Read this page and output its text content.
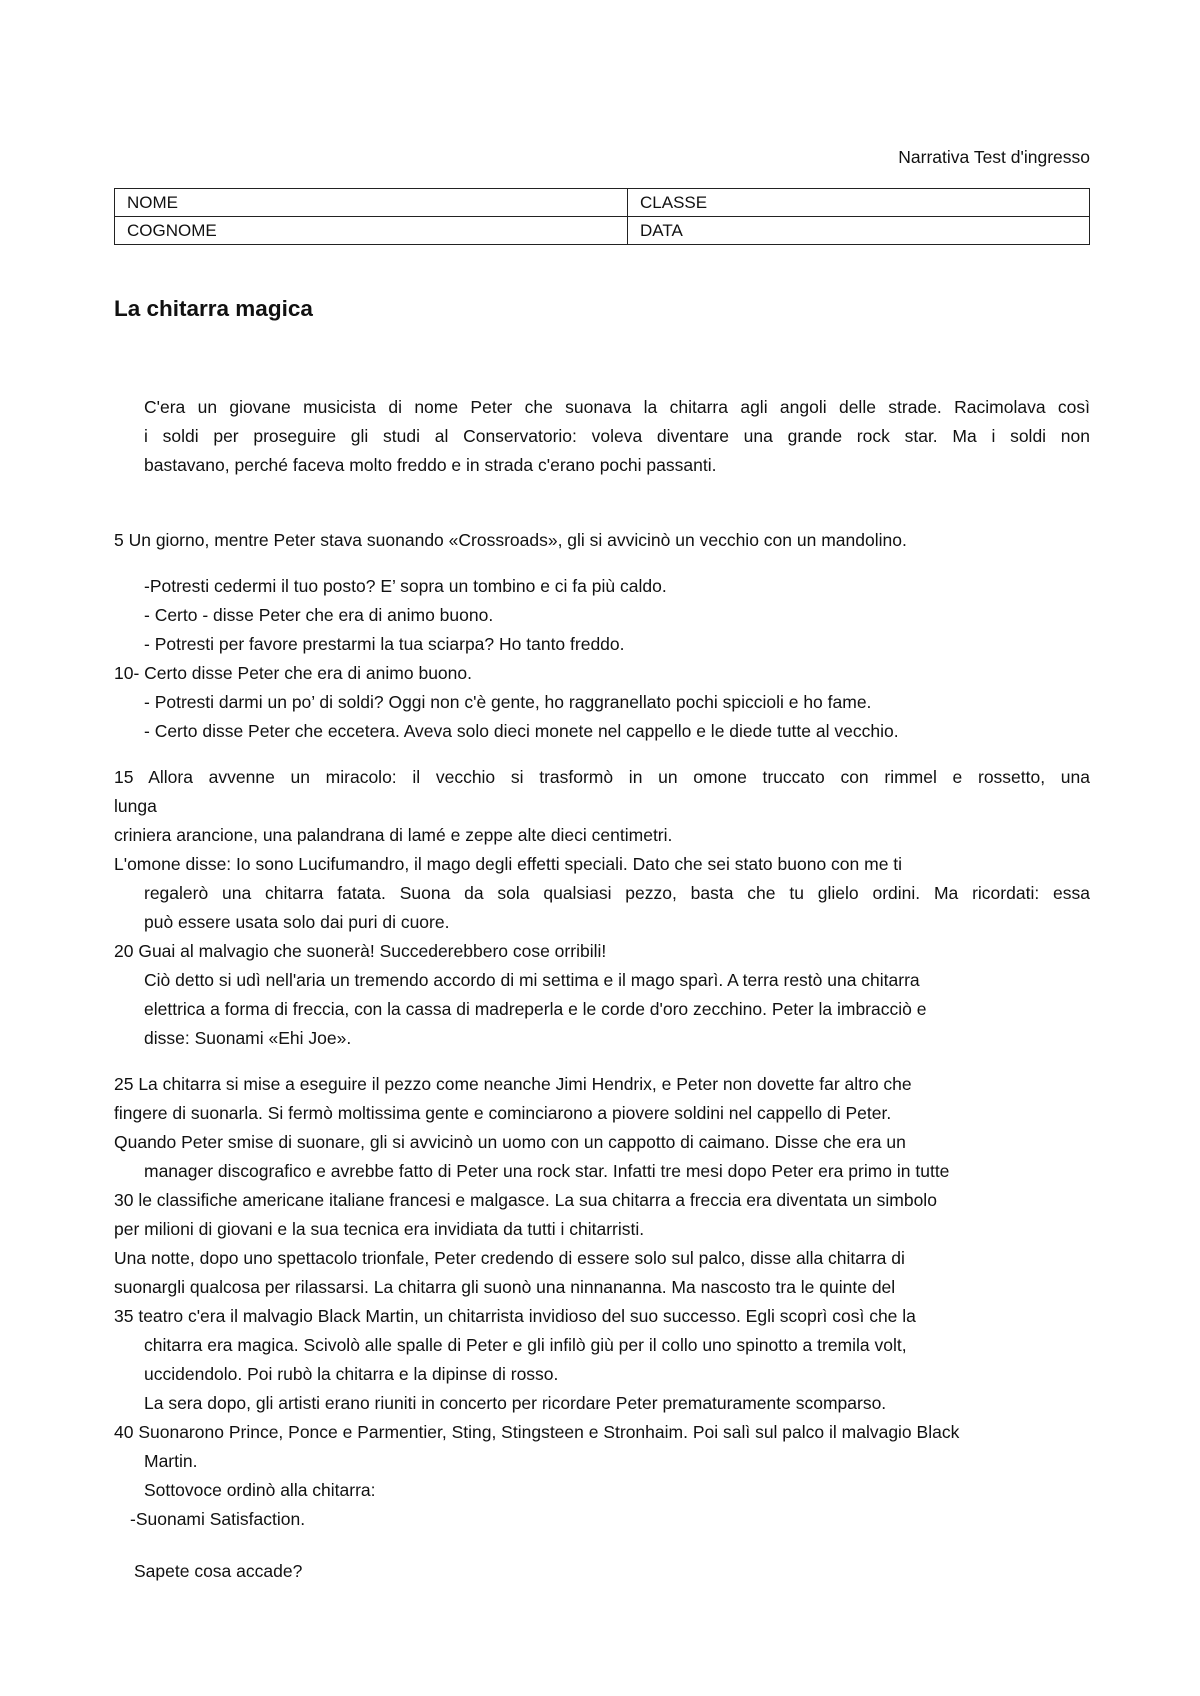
Narrativa Test d'ingresso
NOME	CLASSE
COGNOME	DATA
La chitarra magica
C'era un giovane musicista di nome Peter che suonava la chitarra agli angoli delle strade. Racimolava così
i soldi per proseguire gli studi al Conservatorio: voleva diventare una grande rock star. Ma i soldi non
bastavano, perché faceva molto freddo e in strada c'erano pochi passanti.
5 Un giorno, mentre Peter stava suonando «Crossroads», gli si avvicinò un vecchio con un mandolino.
-Potresti cedermi il tuo posto? E’ sopra un tombino e ci fa più caldo.
- Certo - disse Peter che era di animo buono.
- Potresti per favore prestarmi la tua sciarpa? Ho tanto freddo.
10- Certo disse Peter che era di animo buono.
- Potresti darmi un po’ di soldi? Oggi non c'è gente, ho raggranellato pochi spiccioli e ho fame.
- Certo disse Peter che eccetera. Aveva solo dieci monete nel cappello e le diede tutte al vecchio.
15 Allora avvenne un miracolo: il vecchio si trasformò in un omone truccato con rimmel e rossetto, una
lunga
criniera arancione, una palandrana di lamé e zeppe alte dieci centimetri.
L'omone disse: Io sono Lucifumandro, il mago degli effetti speciali. Dato che sei stato buono con me ti
regalerò una chitarra fatata. Suona da sola qualsiasi pezzo, basta che tu glielo ordini. Ma ricordati: essa
può essere usata solo dai puri di cuore.
20 Guai al malvagio che suonerà! Succederebbero cose orribili!
Ciò detto si udì nell'aria un tremendo accordo di mi settima e il mago sparì. A terra restò una chitarra
elettrica a forma di freccia, con la cassa di madreperla e le corde d'oro zecchino. Peter la imbracciò e
disse: Suonami «Ehi Joe».
25 La chitarra si mise a eseguire il pezzo come neanche Jimi Hendrix, e Peter non dovette far altro che
fingere di suonarla. Si fermò moltissima gente e cominciarono a piovere soldini nel cappello di Peter.
Quando Peter smise di suonare, gli si avvicinò un uomo con un cappotto di caimano. Disse che era un
manager discografico e avrebbe fatto di Peter una rock star. Infatti tre mesi dopo Peter era primo in tutte
30 le classifiche americane italiane francesi e malgasce. La sua chitarra a freccia era diventata un simbolo
per milioni di giovani e la sua tecnica era invidiata da tutti i chitarristi.
Una notte, dopo uno spettacolo trionfale, Peter credendo di essere solo sul palco, disse alla chitarra di
suonargli qualcosa per rilassarsi. La chitarra gli suonò una ninnananna. Ma nascosto tra le quinte del
35 teatro c'era il malvagio Black Martin, un chitarrista invidioso del suo successo. Egli scoprì così che la
chitarra era magica. Scivolò alle spalle di Peter e gli infilò giù per il collo uno spinotto a tremila volt,
uccidendolo. Poi rubò la chitarra e la dipinse di rosso.
La sera dopo, gli artisti erano riuniti in concerto per ricordare Peter prematuramente scomparso.
40 Suonarono Prince, Ponce e Parmentier, Sting, Stingsteen e Stronhaim. Poi salì sul palco il malvagio Black
Martin.
Sottovoce ordinò alla chitarra:
-Suonami Satisfaction.
Sapete cosa accade?
